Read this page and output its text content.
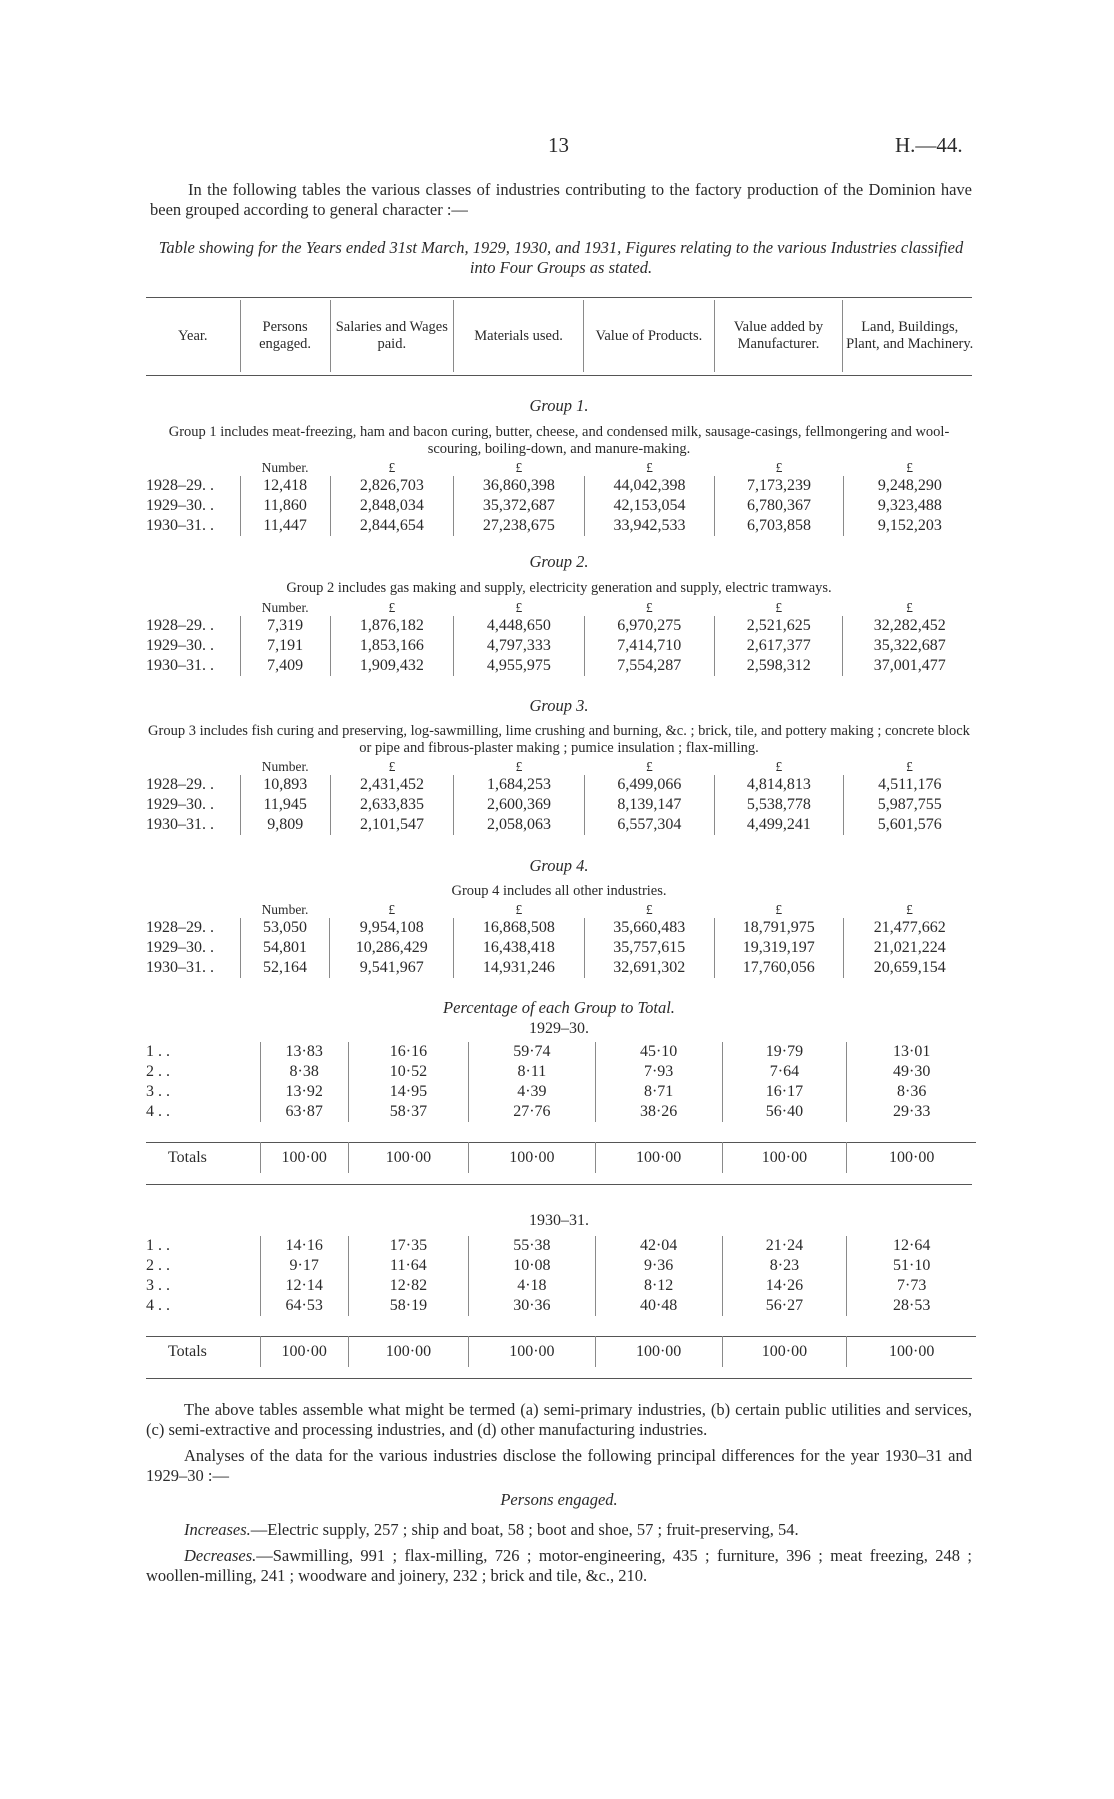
13	H.—44.
In the following tables the various classes of industries contributing to the factory production of the Dominion have been grouped according to general character :—
Table showing for the Years ended 31st March, 1929, 1930, and 1931, Figures relating to the various Industries classified into Four Groups as stated.
Year.	Persons engaged.	Salaries and Wages paid.	Materials used.	Value of Products.	Value added by Manufacturer.	Land, Buildings, Plant, and Machinery.
Group 1.
Group 1 includes meat-freezing, ham and bacon curing, butter, cheese, and condensed milk, sausage-casings, fellmongering and wool-scouring, boiling-down, and manure-making.
	Number.	£	£	£	£	£
1928–29. .	12,418	2,826,703	36,860,398	44,042,398	7,173,239	9,248,290
1929–30. .	11,860	2,848,034	35,372,687	42,153,054	6,780,367	9,323,488
1930–31. .	11,447	2,844,654	27,238,675	33,942,533	6,703,858	9,152,203
Group 2.
Group 2 includes gas making and supply, electricity generation and supply, electric tramways.
	Number.	£	£	£	£	£
1928–29. .	7,319	1,876,182	4,448,650	6,970,275	2,521,625	32,282,452
1929–30. .	7,191	1,853,166	4,797,333	7,414,710	2,617,377	35,322,687
1930–31. .	7,409	1,909,432	4,955,975	7,554,287	2,598,312	37,001,477
Group 3.
Group 3 includes fish curing and preserving, log-sawmilling, lime crushing and burning, &c. ; brick, tile, and pottery making ; concrete block or pipe and fibrous-plaster making ; pumice insulation ; flax-milling.
	Number.	£	£	£	£	£
1928–29. .	10,893	2,431,452	1,684,253	6,499,066	4,814,813	4,511,176
1929–30. .	11,945	2,633,835	2,600,369	8,139,147	5,538,778	5,987,755
1930–31. .	9,809	2,101,547	2,058,063	6,557,304	4,499,241	5,601,576
Group 4.
Group 4 includes all other industries.
	Number.	£	£	£	£	£
1928–29. .	53,050	9,954,108	16,868,508	35,660,483	18,791,975	21,477,662
1929–30. .	54,801	10,286,429	16,438,418	35,757,615	19,319,197	21,021,224
1930–31. .	52,164	9,541,967	14,931,246	32,691,302	17,760,056	20,659,154
Percentage of each Group to Total.
1929–30.
1 . .	13·83	16·16	59·74	45·10	19·79	13·01
2 . .	8·38	10·52	8·11	7·93	7·64	49·30
3 . .	13·92	14·95	4·39	8·71	16·17	8·36
4 . .	63·87	58·37	27·76	38·26	56·40	29·33

Totals	100·00	100·00	100·00	100·00	100·00	100·00
1930–31.
1 . .	14·16	17·35	55·38	42·04	21·24	12·64
2 . .	9·17	11·64	10·08	9·36	8·23	51·10
3 . .	12·14	12·82	4·18	8·12	14·26	7·73
4 . .	64·53	58·19	30·36	40·48	56·27	28·53

Totals	100·00	100·00	100·00	100·00	100·00	100·00
The above tables assemble what might be termed (a) semi-primary industries, (b) certain public utilities and services, (c) semi-extractive and processing industries, and (d) other manufacturing industries.
Analyses of the data for the various industries disclose the following principal differences for the year 1930–31 and 1929–30 :—
Persons engaged.
Increases.—Electric supply, 257 ; ship and boat, 58 ; boot and shoe, 57 ; fruit-preserving, 54.
Decreases.—Sawmilling, 991 ; flax-milling, 726 ; motor-engineering, 435 ; furniture, 396 ; meat freezing, 248 ; woollen-milling, 241 ; woodware and joinery, 232 ; brick and tile, &c., 210.
